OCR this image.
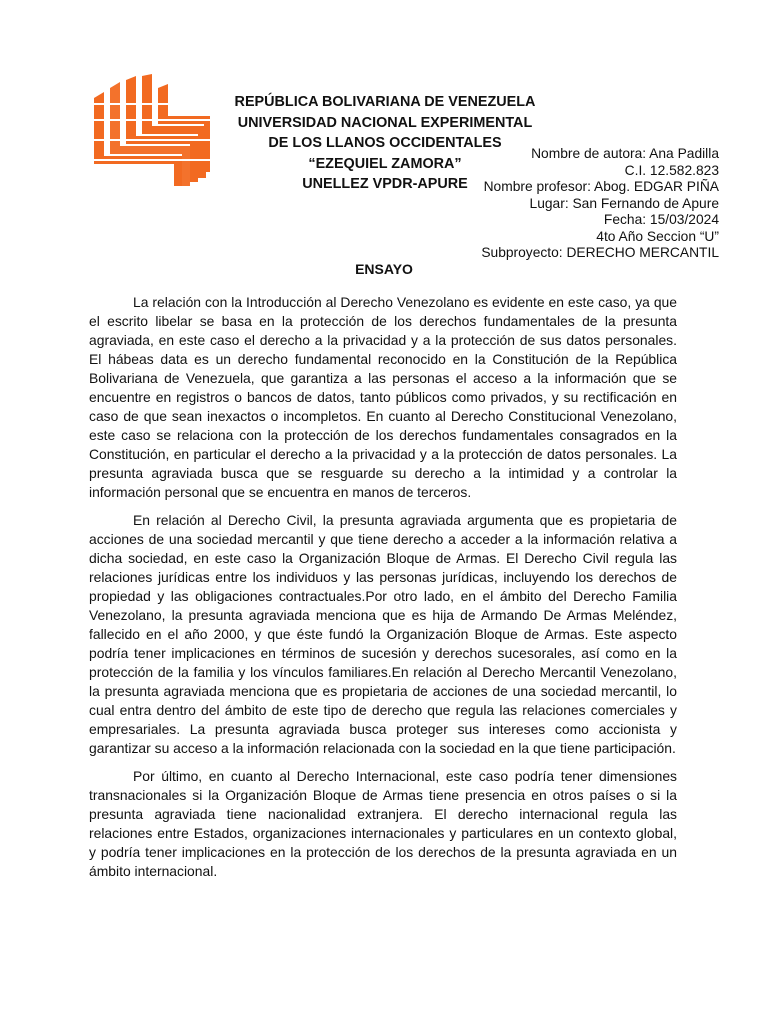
REPÚBLICA BOLIVARIANA DE VENEZUELA
UNIVERSIDAD NACIONAL EXPERIMENTAL
DE LOS LLANOS OCCIDENTALES
“EZEQUIEL ZAMORA”
UNELLEZ VPDR-APURE
Nombre de autora: Ana Padilla
C.I. 12.582.823
Nombre profesor: Abog. EDGAR PIÑA
Lugar: San Fernando de Apure
Fecha: 15/03/2024
4to Año Seccion “U”
Subproyecto: DERECHO MERCANTIL
ENSAYO

La relación con la Introducción al Derecho Venezolano es evidente en este caso, ya que el escrito libelar se basa en la protección de los derechos fundamentales de la presunta agraviada, en este caso el derecho a la privacidad y a la protección de sus datos personales. El hábeas data es un derecho fundamental reconocido en la Constitución de la República Bolivariana de Venezuela, que garantiza a las personas el acceso a la información que se encuentre en registros o bancos de datos, tanto públicos como privados, y su rectificación en caso de que sean inexactos o incompletos. En cuanto al Derecho Constitucional Venezolano, este caso se relaciona con la protección de los derechos fundamentales consagrados en la Constitución, en particular el derecho a la privacidad y a la protección de datos personales. La presunta agraviada busca que se resguarde su derecho a la intimidad y a controlar la información personal que se encuentra en manos de terceros.

En relación al Derecho Civil, la presunta agraviada argumenta que es propietaria de acciones de una sociedad mercantil y que tiene derecho a acceder a la información relativa a dicha sociedad, en este caso la Organización Bloque de Armas. El Derecho Civil regula las relaciones jurídicas entre los individuos y las personas jurídicas, incluyendo los derechos de propiedad y las obligaciones contractuales.Por otro lado, en el ámbito del Derecho Familia Venezolano, la presunta agraviada menciona que es hija de Armando De Armas Meléndez, fallecido en el año 2000, y que éste fundó la Organización Bloque de Armas. Este aspecto podría tener implicaciones en términos de sucesión y derechos sucesorales, así como en la protección de la familia y los vínculos familiares.En relación al Derecho Mercantil Venezolano, la presunta agraviada menciona que es propietaria de acciones de una sociedad mercantil, lo cual entra dentro del ámbito de este tipo de derecho que regula las relaciones comerciales y empresariales. La presunta agraviada busca proteger sus intereses como accionista y garantizar su acceso a la información relacionada con la sociedad en la que tiene participación.

Por último, en cuanto al Derecho Internacional, este caso podría tener dimensiones transnacionales si la Organización Bloque de Armas tiene presencia en otros países o si la presunta agraviada tiene nacionalidad extranjera. El derecho internacional regula las relaciones entre Estados, organizaciones internacionales y particulares en un contexto global, y podría tener implicaciones en la protección de los derechos de la presunta agraviada en un ámbito internacional.
